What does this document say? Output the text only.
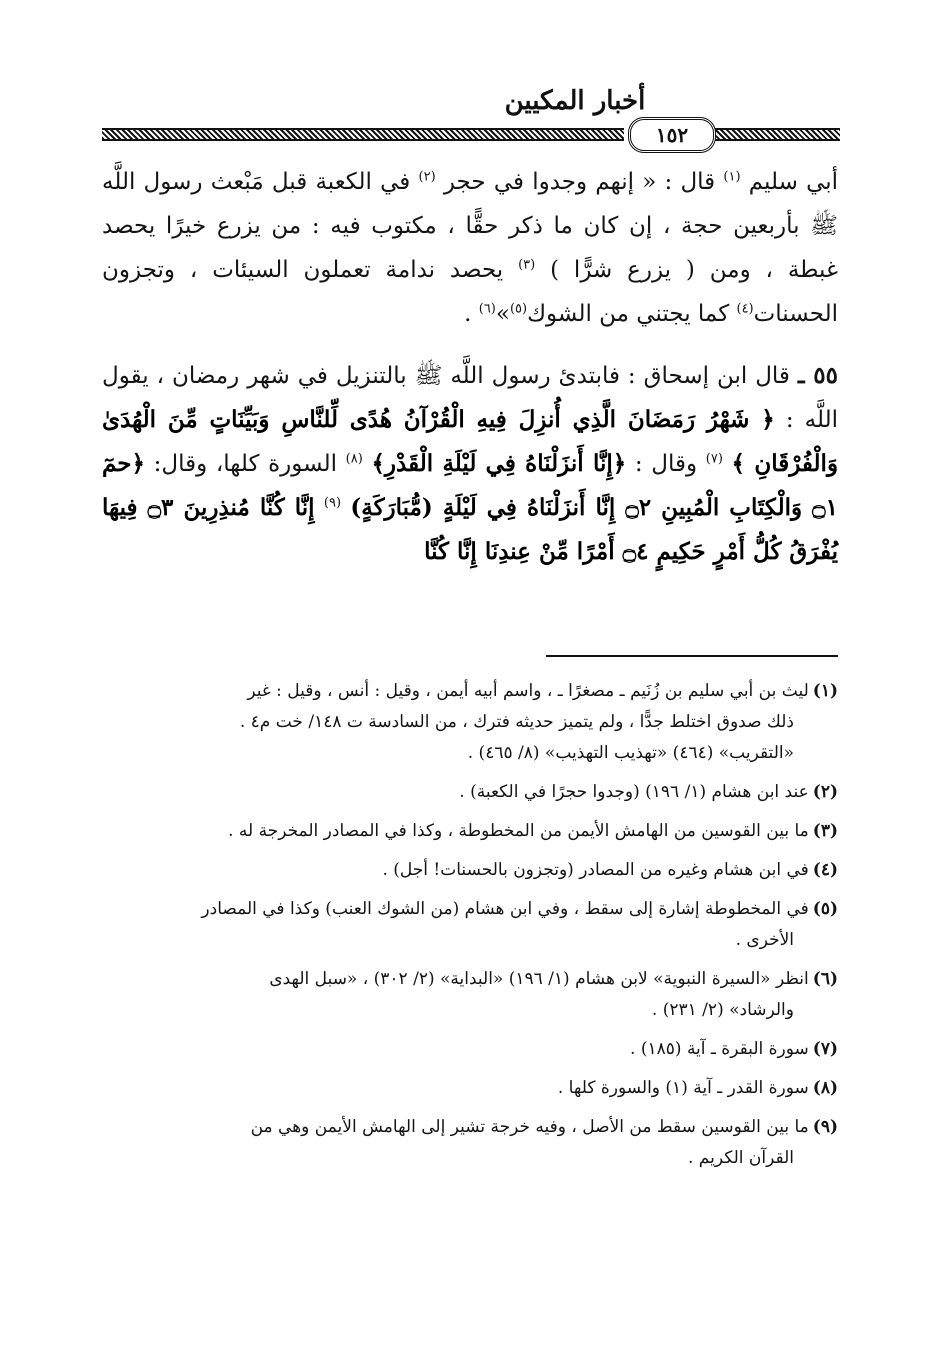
أخبار المكيين
١٥٢

أبي سليم $^{(١)}$ قال : « إنهم وجدوا في حجر $^{(٢)}$ في الكعبة قبل مَبْعث رسول اللَّه ﷺ بأربعين حجة ، إن كان ما ذكر حقًّا ، مكتوب فيه : من يزرع خيرًا يحصد غبطة ، ومن ( يزرع شرًّا ) $^{(٣)}$ يحصد ندامة تعملون السيئات ، وتجزون الحسنات$^{(٤)}$ كما يجتني من الشوك$^{(٥)}$»$^{(٦)}$ .

٥٥ ـ قال ابن إسحاق : فابتدئ رسول اللَّه ﷺ بالتنزيل في شهر رمضان ، يقول اللَّه : ﴿ شَهْرُ رَمَضَانَ الَّذِي أُنزِلَ فِيهِ الْقُرْآنُ هُدًى لِّلنَّاسِ وَبَيِّنَاتٍ مِّنَ الْهُدَىٰ وَالْفُرْقَانِ ﴾ $^{(٧)}$ وقال : ﴿إِنَّا أَنزَلْنَاهُ فِي لَيْلَةِ الْقَدْرِ﴾ $^{(٨)}$ السورة كلها، وقال: ﴿حمٓ ۝١ وَالْكِتَابِ الْمُبِينِ ۝٢ إِنَّا أَنزَلْنَاهُ فِي لَيْلَةٍ (مُّبَارَكَةٍ) $^{(٩)}$ إِنَّا كُنَّا مُنذِرِينَ ۝٣ فِيهَا يُفْرَقُ كُلُّ أَمْرٍ حَكِيمٍ ۝٤ أَمْرًا مِّنْ عِندِنَا إِنَّا كُنَّا

(١)ليث بن أبي سليم بن زُنَيم ـ مصغرًا ـ ، واسم أبيه أيمن ، وقيل : أنس ، وقيل : غير
ذلك صدوق اختلط جدًّا ، ولم يتميز حديثه فترك ، من السادسة ت ١٤٨/ خت م٤ .
«التقريب» (٤٦٤) «تهذيب التهذيب» (٨/ ٤٦٥) .
(٢)عند ابن هشام (١/ ١٩٦) (وجدوا حجرًا في الكعبة) .
(٣)ما بين القوسين من الهامش الأيمن من المخطوطة ، وكذا في المصادر المخرجة له .
(٤)في ابن هشام وغيره من المصادر (وتجزون بالحسنات! أجل) .
(٥)في المخطوطة إشارة إلى سقط ، وفي ابن هشام (من الشوك العنب) وكذا في المصادر
الأخرى .
(٦)انظر «السيرة النبوية» لابن هشام (١/ ١٩٦) «البداية» (٢/ ٣٠٢) ، «سبل الهدى
والرشاد» (٢/ ٢٣١) .
(٧)سورة البقرة ـ آية (١٨٥) .
(٨)سورة القدر ـ آية (١) والسورة كلها .
(٩)ما بين القوسين سقط من الأصل ، وفيه خرجة تشير إلى الهامش الأيمن وهي من
القرآن الكريم .
